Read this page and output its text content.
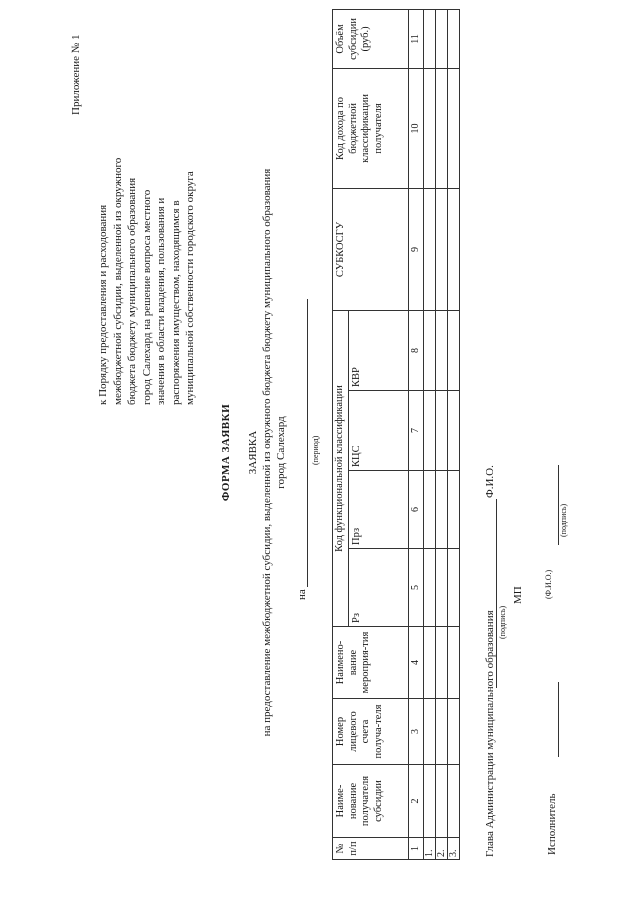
Приложение № 1
к Порядку предоставления и расходования межбюджетной субсидии, выделенной из окружного бюджета бюджету муниципального образования город Салехард на решение вопроса местного значения в области владения, пользования и распоряжения имуществом, находящимся в муниципальной собственности городского округа
ФОРМА ЗАЯВКИ ЗАЯВКА на предоставление межбюджетной субсидии, выделенной из окружного бюджета бюджету муниципального образования город Салехард
на
(период)
№ п/п	Наиме-нование получателя субсидии	Номер лицевого счета получа-теля	Наимено-вание мероприя-тия	Код функциональной классификации				СУБКОСГУ	Код дохода по бюджетной классификации получателя	Объём субсидии (руб.)
				Рз	Прз	КЦС	КВР			
1	2	3	4	5	6	7	8	9	10	11
1.										
2.										
3.										Глава Администрации муниципального образования (подпись)
Ф.И.О.
МП
Исполнитель
(Ф.И.О.)
(подпись)
